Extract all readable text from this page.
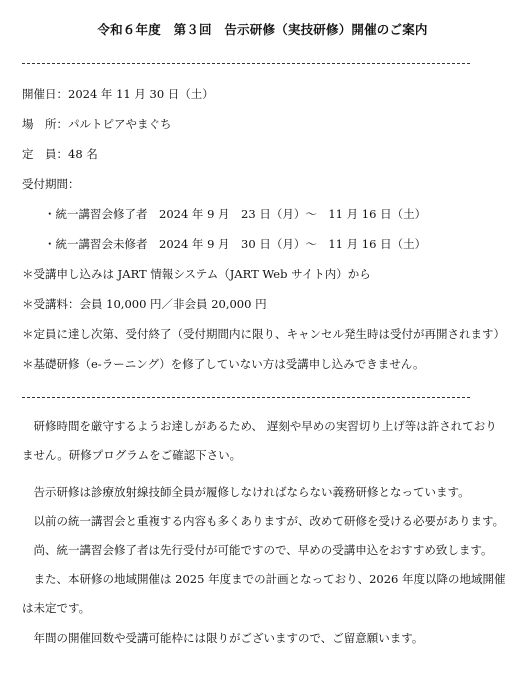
令和６年度　第３回　告示研修（実技研修）開催のご案内
開催日：2024 年 11 月 30 日（土）
場　所：パルトピアやまぐち
定　員：48 名
受付期間：
・統一講習会修了者　2024 年 9 月　23 日（月）～　11 月 16 日（土）
・統一講習会未修者　2024 年 9 月　30 日（月）～　11 月 16 日（土）
＊受講申し込みは JART 情報システム（JART Web サイト内）から
＊受講料：会員 10,000 円／非会員 20,000 円
＊定員に達し次第、受付終了（受付期間内に限り、キャンセル発生時は受付が再開されます）
＊基礎研修（e-ラーニング）を修了していない方は受講申し込みできません。
研修時間を厳守するようお達しがあるため、 遅刻や早めの実習切り上げ等は許されておりません。研修プログラムをご確認下さい。
告示研修は診療放射線技師全員が履修しなければならない義務研修となっています。
以前の統一講習会と重複する内容も多くありますが、改めて研修を受ける必要があります。
尚、統一講習会修了者は先行受付が可能ですので、早めの受講申込をおすすめ致します。
また、本研修の地域開催は 2025 年度までの計画となっており、2026 年度以降の地域開催は未定です。
年間の開催回数や受講可能枠には限りがございますので、ご留意願います。
